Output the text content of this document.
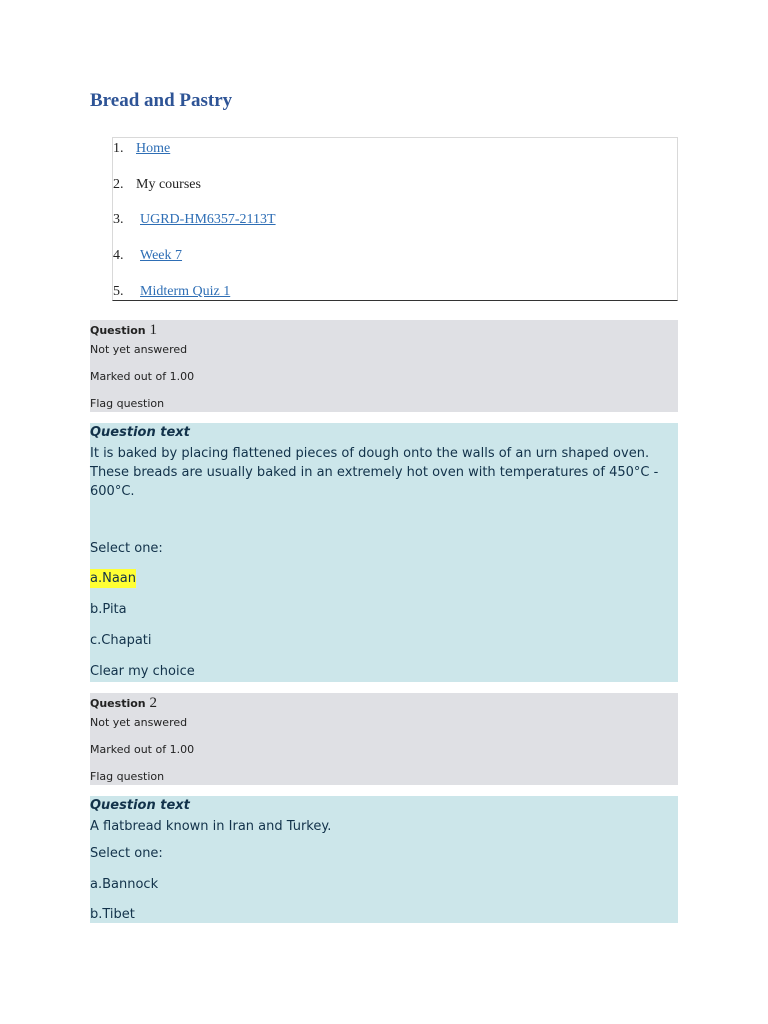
Bread and Pastry
1. Home
2. My courses
3. UGRD-HM6357-2113T
4. Week 7
5. Midterm Quiz 1
Question 1
Not yet answered
Marked out of 1.00
Flag question
Question text
It is baked by placing flattened pieces of dough onto the walls of an urn shaped oven. These breads are usually baked in an extremely hot oven with temperatures of 450°C - 600°C.
Select one:
a.Naan
b.Pita
c.Chapati
Clear my choice
Question 2
Not yet answered
Marked out of 1.00
Flag question
Question text
A flatbread known in Iran and Turkey.
Select one:
a.Bannock
b.Tibet
